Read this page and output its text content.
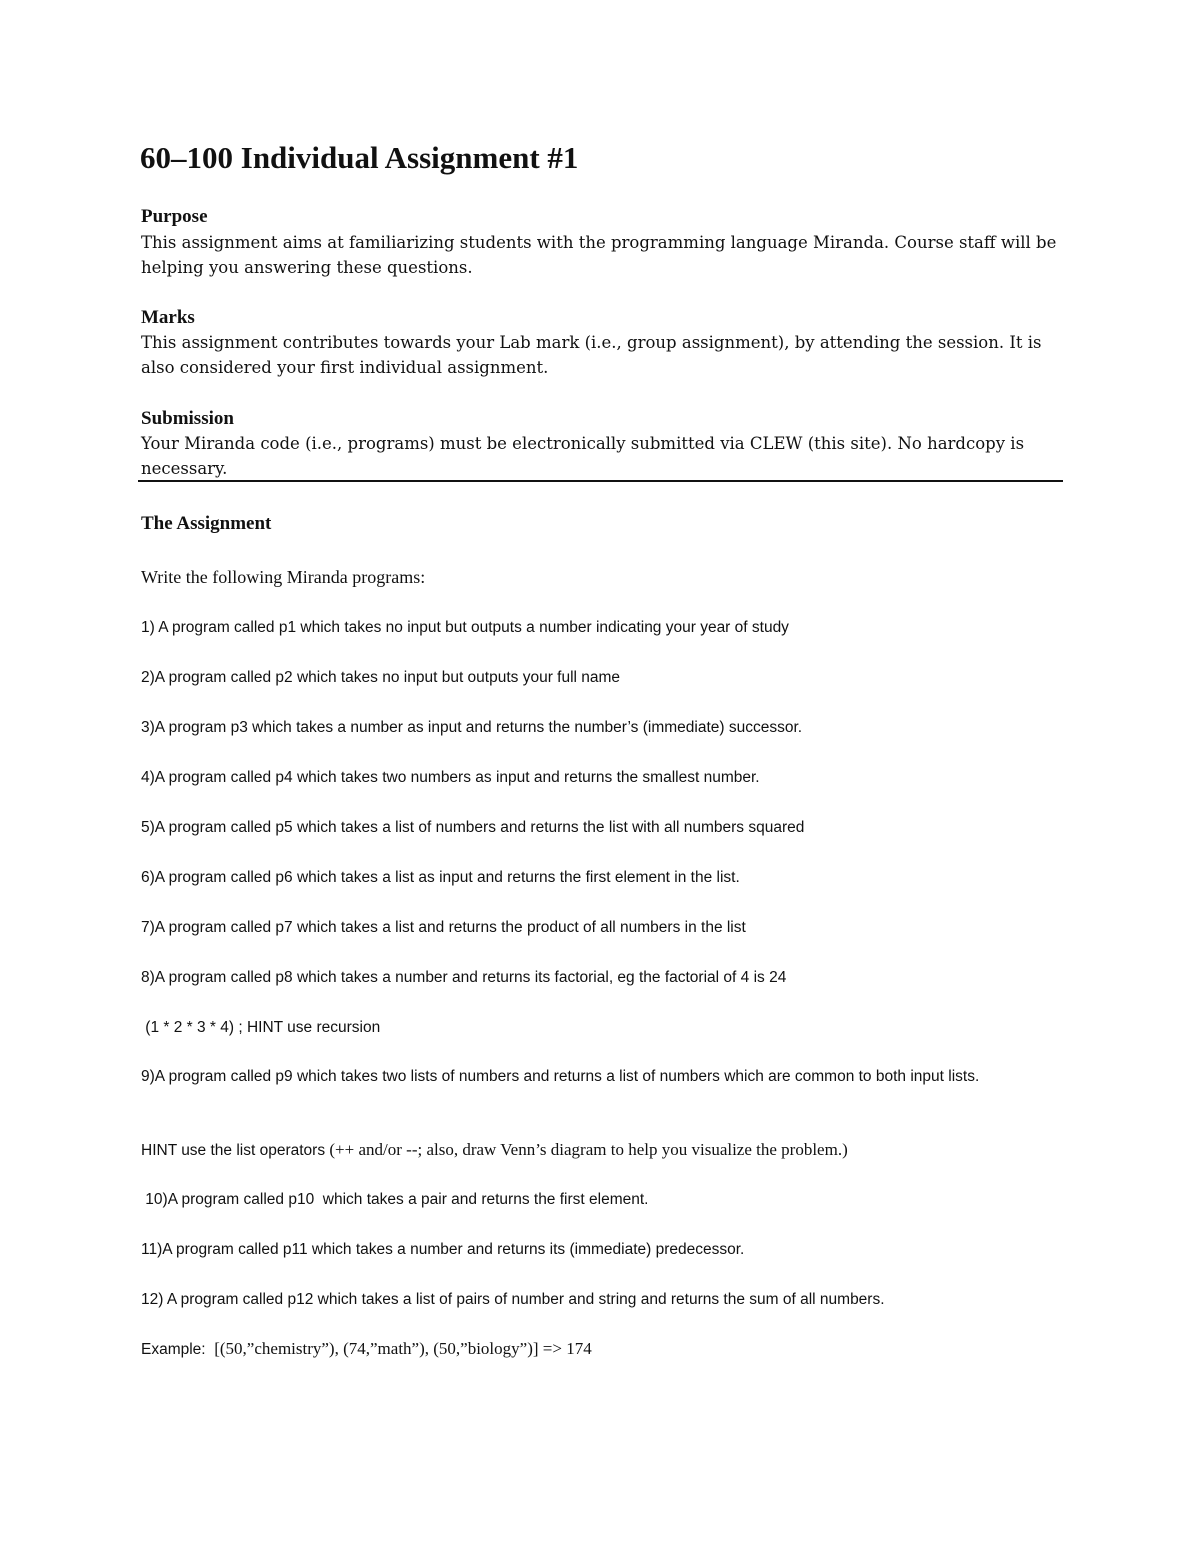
60–100 Individual Assignment #1
Purpose

This assignment aims at familiarizing students with the programming language Miranda. Course staff will be helping you answering these questions.

Marks

This assignment contributes towards your Lab mark (i.e., group assignment), by attending the session. It is also considered your first individual assignment.

Submission

Your Miranda code (i.e., programs) must be electronically submitted via CLEW (this site). No hardcopy is necessary.

The Assignment

Write the following Miranda programs:

1) A program called p1 which takes no input but outputs a number indicating your year of study

2)A program called p2 which takes no input but outputs your full name

3)A program p3 which takes a number as input and returns the number’s (immediate) successor.

4)A program called p4 which takes two numbers as input and returns the smallest number.

5)A program called p5 which takes a list of numbers and returns the list with all numbers squared

6)A program called p6 which takes a list as input and returns the first element in the list.

7)A program called p7 which takes a list and returns the product of all numbers in the list

8)A program called p8 which takes a number and returns its factorial, eg the factorial of 4 is 24

(1 * 2 * 3 * 4) ; HINT use recursion

9)A program called p9 which takes two lists of numbers and returns a list of numbers which are common to both input lists.

HINT use the list operators (++ and/or --; also, draw Venn’s diagram to help you visualize the problem.)

10)A program called p10  which takes a pair and returns the first element.

11)A program called p11 which takes a number and returns its (immediate) predecessor.

12) A program called p12 which takes a list of pairs of number and string and returns the sum of all numbers.

Example:  [(50,”chemistry”), (74,”math”), (50,”biology”)] => 174
